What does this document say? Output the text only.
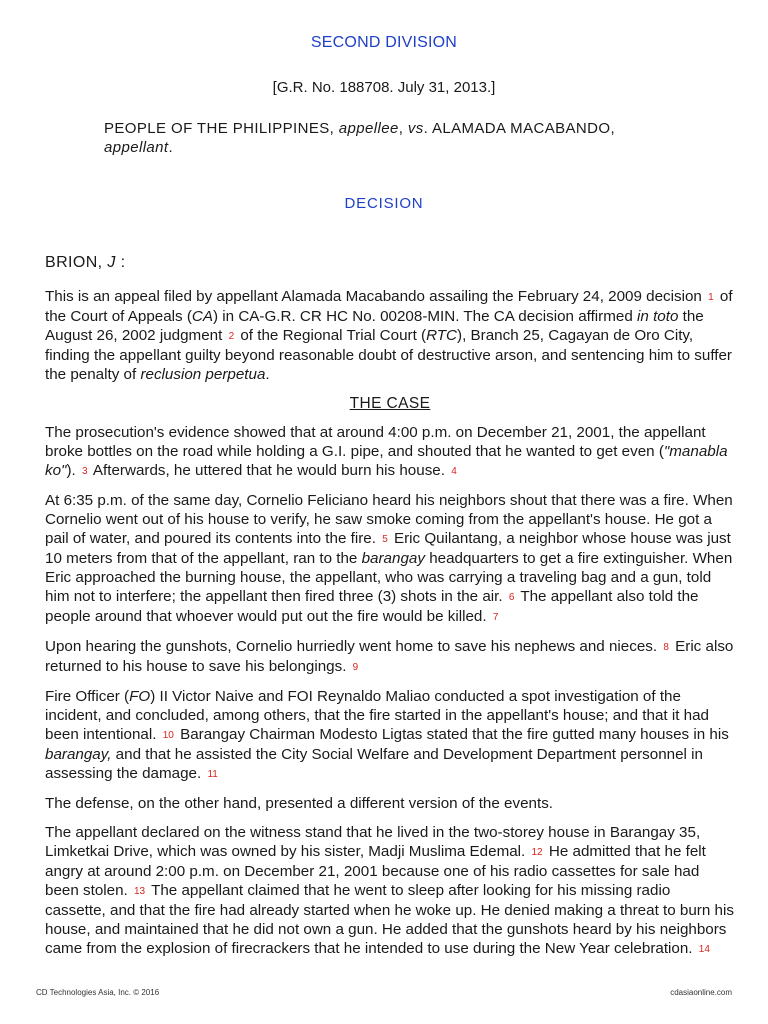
SECOND DIVISION
[G.R. No. 188708. July 31, 2013.]
PEOPLE OF THE PHILIPPINES, appellee, vs. ALAMADA MACABANDO,
appellant.
DECISION
BRION, J :

This is an appeal filed by appellant Alamada Macabando assailing the February 24, 2009 decision 1 of the Court of Appeals (CA) in CA-G.R. CR HC No. 00208-MIN. The CA decision affirmed in toto the August 26, 2002 judgment 2 of the Regional Trial Court (RTC), Branch 25, Cagayan de Oro City, finding the appellant guilty beyond reasonable doubt of destructive arson, and sentencing him to suffer the penalty of reclusion perpetua.

THE CASE

The prosecution's evidence showed that at around 4:00 p.m. on December 21, 2001, the appellant broke bottles on the road while holding a G.I. pipe, and shouted that he wanted to get even ("manabla ko"). 3 Afterwards, he uttered that he would burn his house. 4

At 6:35 p.m. of the same day, Cornelio Feliciano heard his neighbors shout that there was a fire. When Cornelio went out of his house to verify, he saw smoke coming from the appellant's house. He got a pail of water, and poured its contents into the fire. 5 Eric Quilantang, a neighbor whose house was just 10 meters from that of the appellant, ran to the barangay headquarters to get a fire extinguisher. When Eric approached the burning house, the appellant, who was carrying a traveling bag and a gun, told him not to interfere; the appellant then fired three (3) shots in the air. 6 The appellant also told the people around that whoever would put out the fire would be killed. 7

Upon hearing the gunshots, Cornelio hurriedly went home to save his nephews and nieces. 8 Eric also returned to his house to save his belongings. 9

Fire Officer (FO) II Victor Naive and FOI Reynaldo Maliao conducted a spot investigation of the incident, and concluded, among others, that the fire started in the appellant's house; and that it had been intentional. 10 Barangay Chairman Modesto Ligtas stated that the fire gutted many houses in his barangay, and that he assisted the City Social Welfare and Development Department personnel in assessing the damage. 11

The defense, on the other hand, presented a different version of the events.

The appellant declared on the witness stand that he lived in the two-storey house in Barangay 35, Limketkai Drive, which was owned by his sister, Madji Muslima Edemal. 12 He admitted that he felt angry at around 2:00 p.m. on December 21, 2001 because one of his radio cassettes for sale had been stolen. 13 The appellant claimed that he went to sleep after looking for his missing radio cassette, and that the fire had already started when he woke up. He denied making a threat to burn his house, and maintained that he did not own a gun. He added that the gunshots heard by his neighbors came from the explosion of firecrackers that he intended to use during the New Year celebration. 14

CD Technologies Asia, Inc. © 2016	cdasiaonline.com
